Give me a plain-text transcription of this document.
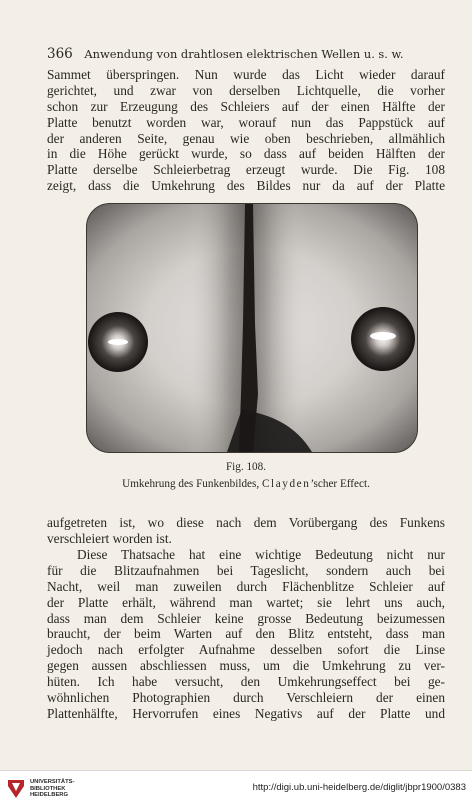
366 Anwendung von drahtlosen elektrischen Wellen u. s. w.
Sammet überspringen. Nun wurde das Licht wieder darauf
gerichtet, und zwar von derselben Lichtquelle, die vorher
schon zur Erzeugung des Schleiers auf der einen Hälfte der
Platte benutzt worden war, worauf nun das Pappstück auf
der anderen Seite, genau wie oben beschrieben, allmählich
in die Höhe gerückt wurde, so dass auf beiden Hälften der
Platte derselbe Schleierbetrag erzeugt wurde. Die Fig. 108
zeigt, dass die Umkehrung des Bildes nur da auf der Platte
Fig. 108.
Umkehrung des Funkenbildes, Clayden’scher Effect.
aufgetreten ist, wo diese nach dem Vorübergang des Funkens
verschleiert worden ist.
Diese Thatsache hat eine wichtige Bedeutung nicht nur
für die Blitzaufnahmen bei Tageslicht, sondern auch bei
Nacht, weil man zuweilen durch Flächenblitze Schleier auf
der Platte erhält, während man wartet; sie lehrt uns auch,
dass man dem Schleier keine grosse Bedeutung beizumessen
braucht, der beim Warten auf den Blitz entsteht, dass man
jedoch nach erfolgter Aufnahme desselben sofort die Linse
gegen aussen abschliessen muss, um die Umkehrung zu ver-
hüten. Ich habe versucht, den Umkehrungseffect bei ge-
wöhnlichen Photographien durch Verschleiern der einen
Plattenhälfte, Hervorrufen eines Negativs auf der Platte und
UNIVERSITÄTS-
BIBLIOTHEK
HEIDELBERG
http://digi.ub.uni-heidelberg.de/diglit/jbpr1900/0383
